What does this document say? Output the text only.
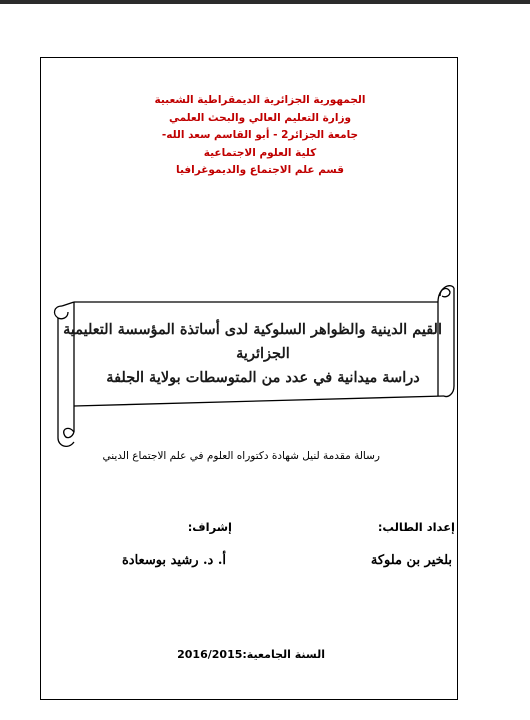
الجمهورية الجزائرية الديمقراطية الشعبية
وزارة التعليم العالي والبحث العلمي
جامعة الجزائر2 - أبو القاسم سعد الله-
كلية العلوم الاجتماعية
قسم علم الاجتماع والديموغرافيا
القيم الدينية والظواهر السلوكية لدى أساتذة المؤسسة التعليمية
الجزائرية
دراسة ميدانية في عدد من المتوسطات بولاية الجلفة
رسالة مقدمة لنيل شهادة دكتوراه العلوم في علم الاجتماع الديني
إعداد الطالب:
إشراف:
بلخير بن ملوكة
أ. د. رشيد بوسعادة
السنة الجامعية:2016/2015
